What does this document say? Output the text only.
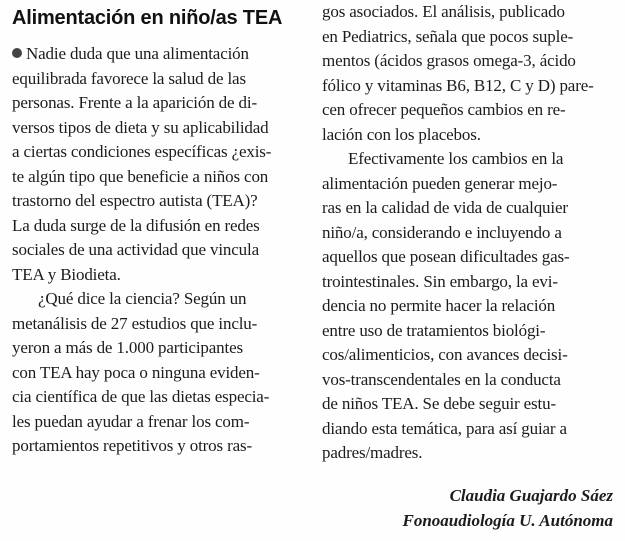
Alimentación en niño/as TEA
Nadie duda que una alimentación
equilibrada favorece la salud de las
personas. Frente a la aparición de di-
versos tipos de dieta y su aplicabilidad
a ciertas condiciones específicas ¿exis-
te algún tipo que beneficie a niños con
trastorno del espectro autista (TEA)?
La duda surge de la difusión en redes
sociales de una actividad que vincula
TEA y Biodieta.
¿Qué dice la ciencia? Según un
metanálisis de 27 estudios que inclu-
yeron a más de 1.000 participantes
con TEA hay poca o ninguna eviden-
cia científica de que las dietas especia-
les puedan ayudar a frenar los com-
portamientos repetitivos y otros ras-
gos asociados. El análisis, publicado
en Pediatrics, señala que pocos suple-
mentos (ácidos grasos omega-3, ácido
fólico y vitaminas B6, B12, C y D) pare-
cen ofrecer pequeños cambios en re-
lación con los placebos.
Efectivamente los cambios en la
alimentación pueden generar mejo-
ras en la calidad de vida de cualquier
niño/a, considerando e incluyendo a
aquellos que posean dificultades gas-
trointestinales. Sin embargo, la evi-
dencia no permite hacer la relación
entre uso de tratamientos biológi-
cos/alimenticios, con avances decisi-
vos-transcendentales en la conducta
de niños TEA. Se debe seguir estu-
diando esta temática, para así guiar a
padres/madres.
Claudia Guajardo Sáez
Fonoaudiología U. Autónoma
